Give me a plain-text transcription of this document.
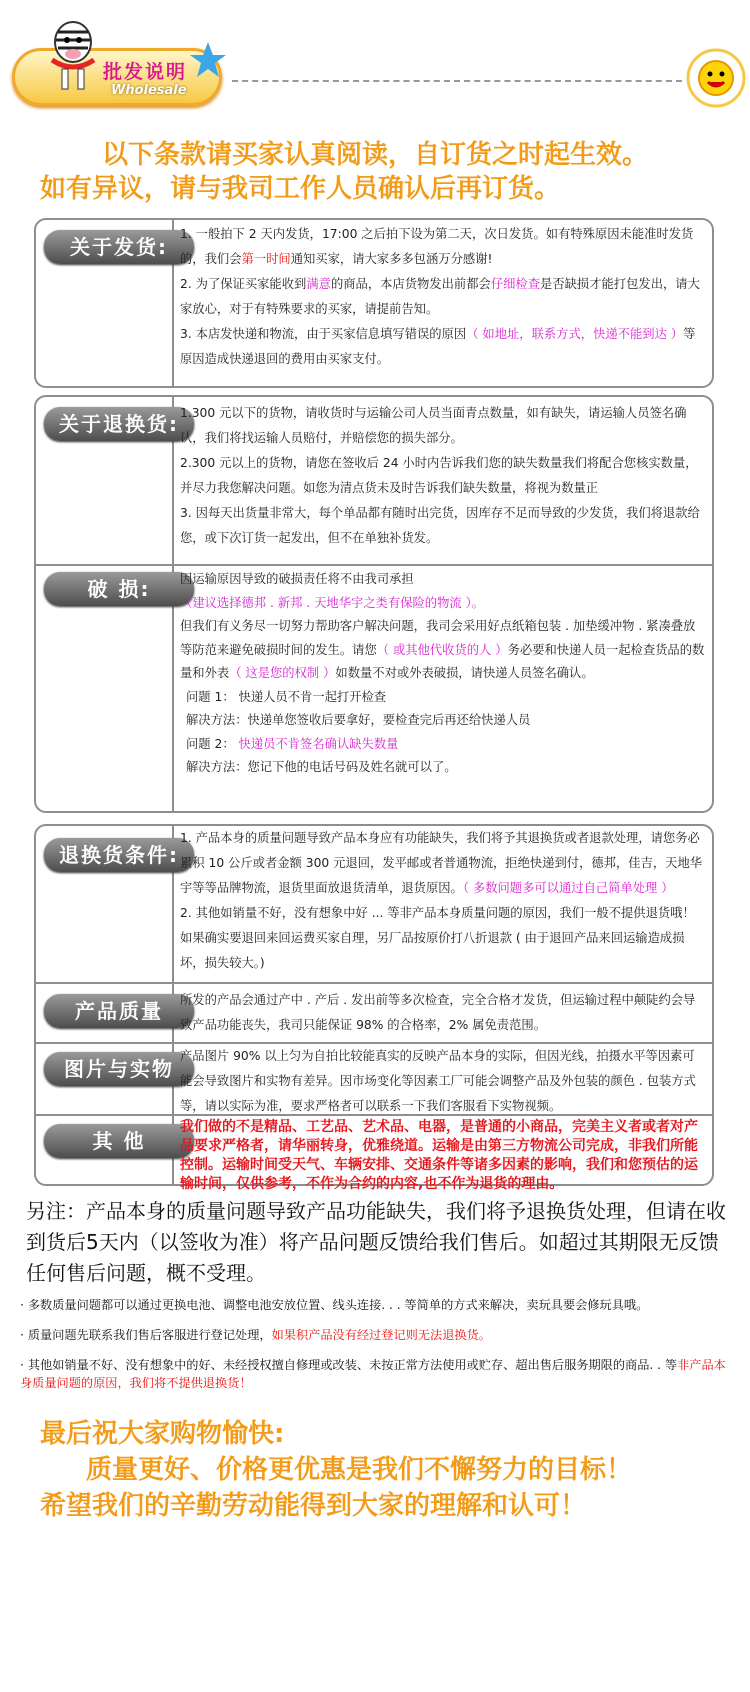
批发说明
Wholesale
以下条款请买家认真阅读，自订货之时起生效。
如有异议，请与我司工作人员确认后再订货。
关于发货:

1. 一般拍下 2 天内发货，17:00 之后拍下设为第二天，次日发货。如有特殊原因未能准时发货的，我们会第一时间通知买家，请大家多多包涵万分感谢!

2. 为了保证买家能收到满意的商品，本店货物发出前都会仔细检查是否缺损才能打包发出，请大家放心，对于有特殊要求的买家，请提前告知。

3. 本店发快递和物流，由于买家信息填写错误的原因（ 如地址，联系方式，快递不能到达 ）等原因造成快递退回的费用由买家支付。

关于退换货: 1.300 元以下的货物，请收货时与运输公司人员当面青点数量，如有缺失，请运输人员签名确认，我们将找运输人员赔付，并赔偿您的损失部分。

2.300 元以上的货物，请您在签收后 24 小时内告诉我们您的缺失数量我们将配合您核实数量，并尽力我您解决问题。如您为清点货未及时告诉我们缺失数量，将视为数量正

3. 因每天出货量非常大，每个单品都有随时出完货，因库存不足而导致的少发货，我们将退款给您，或下次订货一起发出，但不在单独补货发。

破 损:	因运输原因导致的破损责任将不由我司承担

（建议选择德邦 . 新邦 . 天地华宇之类有保险的物流 ）。

但我们有义务尽一切努力帮助客户解决问题，我司会采用好点纸箱包装 . 加垫缓冲物 . 紧凑叠放等防范来避免破损时间的发生。请您（ 或其他代收货的人 ）务必要和快递人员一起检查货品的数量和外表（ 这是您的权制 ）如数量不对或外表破损，请快递人员签名确认。

问题 1： 快递人员不肯一起打开检查

解决方法：快递单您签收后要拿好，要检查完后再还给快递人员

问题 2： 快递员不肯签名确认缺失数量

解决方法：您记下他的电话号码及姓名就可以了。

退换货条件:

1. 产品本身的质量问题导致产品本身应有功能缺失，我们将予其退换货或者退款处理，请您务必累积 10 公斤或者金额 300 元退回，发平邮或者普通物流，拒绝快递到付，德邦，佳吉，天地华宇等等品牌物流，退货里面放退货清单，退货原因。（ 多数问题多可以通过自己简单处理 ）

2. 其他如销量不好，没有想象中好 ... 等非产品本身质量问题的原因，我们一般不提供退货哦！如果确实要退回来回运费买家自理，另厂品按原价打八折退款 ( 由于退回产品来回运输造成损坏，损失较大。)

产品质量	所发的产品会通过产中 . 产后 . 发出前等多次检查，完全合格才发货，但运输过程中颠陡约会导致产品功能丧失，我司只能保证 98% 的合格率，2% 属免责范围。
图片与实物
产品图片 90% 以上匀为自拍比较能真实的反映产品本身的实际，但因光线，拍摄水平等因素可能会导致图片和实物有差异。因市场变化等因素工厂可能会调整产品及外包装的颜色 . 包装方式等，请以实际为准，要求严格者可以联系一下我们客服看下实物视频。
其 他
我们做的不是精品、工艺品、艺术品、电器，是普通的小商品，完美主义者或者对产品要求严格者，请华丽转身，优雅绕道。运输是由第三方物流公司完成，非我们所能控制。运输时间受天气、车辆安排、交通条件等诸多因素的影响，我们和您预估的运输时间，仅供参考，不作为合约的内容,也不作为退货的理由。
另注：产品本身的质量问题导致产品功能缺失，我们将予退换货处理，但请在收到货后5天内（以签收为准）将产品问题反馈给我们售后。如超过其期限无反馈任何售后问题，概不受理。
· 多数质量问题都可以通过更换电池、调整电池安放位置、线头连接. . . 等简单的方式来解决，卖玩具要会修玩具哦。
· 质量问题先联系我们售后客服进行登记处理，如果积产品没有经过登记则无法退换货。
· 其他如销量不好、没有想象中的好、未经授权擅自修理或改装、未按正常方法使用或贮存、超出售后服务期限的商品. . 等非产品本身质量问题的原因，我们将不提供退换货！
最后祝大家购物愉快:
质量更好、价格更优惠是我们不懈努力的目标！
希望我们的辛勤劳动能得到大家的理解和认可！
